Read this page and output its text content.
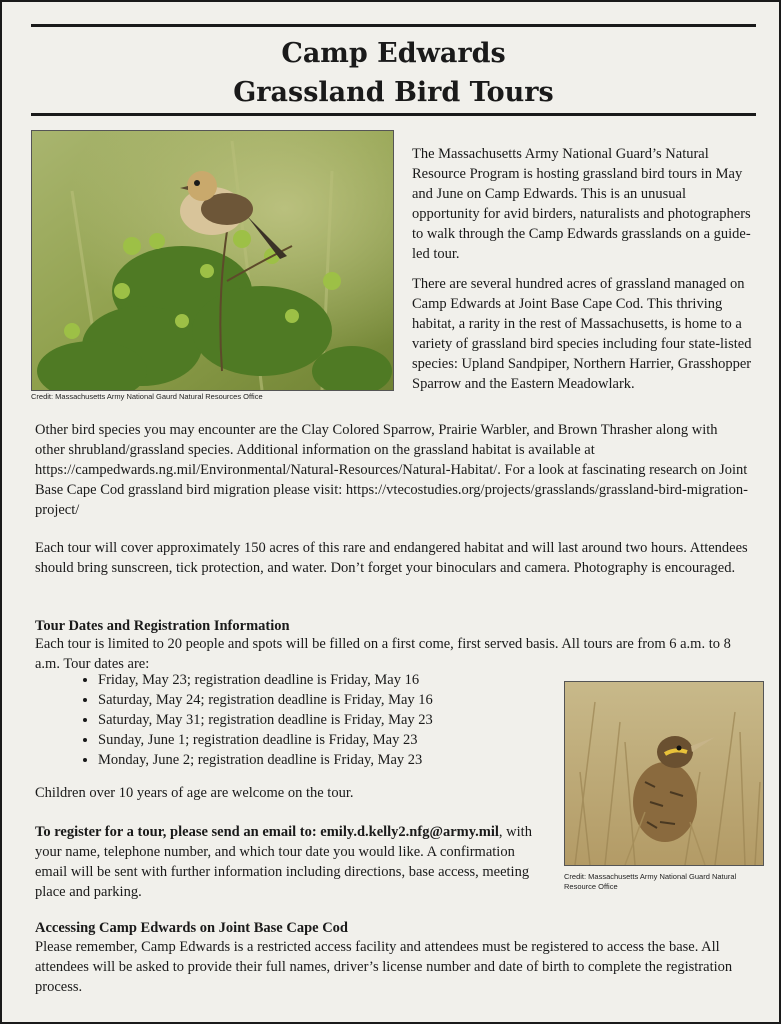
Camp Edwards
Grassland Bird Tours
Credit: Massachusetts Army National Gaurd Natural Resources Office

The Massachusetts Army National Guard’s Natural Resource Program is hosting grassland bird tours in May and June on Camp Edwards. This is an unusual opportunity for avid birders, naturalists and photographers to walk through the Camp Edwards grasslands on a guide-led tour.

There are several hundred acres of grassland managed on Camp Edwards at Joint Base Cape Cod. This thriving habitat, a rarity in the rest of Massachusetts, is home to a variety of grassland bird species including four state-listed species: Upland Sandpiper, Northern Harrier, Grasshopper Sparrow and the Eastern Meadowlark.

Other bird species you may encounter are the Clay Colored Sparrow, Prairie Warbler, and Brown Thrasher along with other shrubland/grassland species. Additional information on the grassland habitat is available at https://campedwards.ng.mil/Environmental/Natural-Resources/Natural-Habitat/. For a look at fascinating research on Joint Base Cape Cod grassland bird migration please visit: https://vtecostudies.org/projects/grasslands/grassland-bird-migration-project/

Each tour will cover approximately 150 acres of this rare and endangered habitat and will last around two hours. Attendees should bring sunscreen, tick protection, and water. Don’t forget your binoculars and camera. Photography is encouraged.

Tour Dates and Registration Information

Each tour is limited to 20 people and spots will be filled on a first come, first served basis. All tours are from 6 a.m. to 8 a.m. Tour dates are:

• Friday, May 23; registration deadline is Friday, May 16
• Saturday, May 24; registration deadline is Friday, May 16
• Saturday, May 31; registration deadline is Friday, May 23
• Sunday, June 1; registration deadline is Friday, May 23
• Monday, June 2; registration deadline is Friday, May 23

Children over 10 years of age are welcome on the tour.

To register for a tour, please send an email to: emily.d.kelly2.nfg@army.mil, with your name, telephone number, and which tour date you would like. A confirmation email will be sent with further information including directions, base access, meeting place and parking.

Credit: Massachusetts Army National Guard Natural Resource Office

Accessing Camp Edwards on Joint Base Cape Cod

Please remember, Camp Edwards is a restricted access facility and attendees must be registered to access the base. All attendees will be asked to provide their full names, driver’s license number and date of birth to complete the registration process.
